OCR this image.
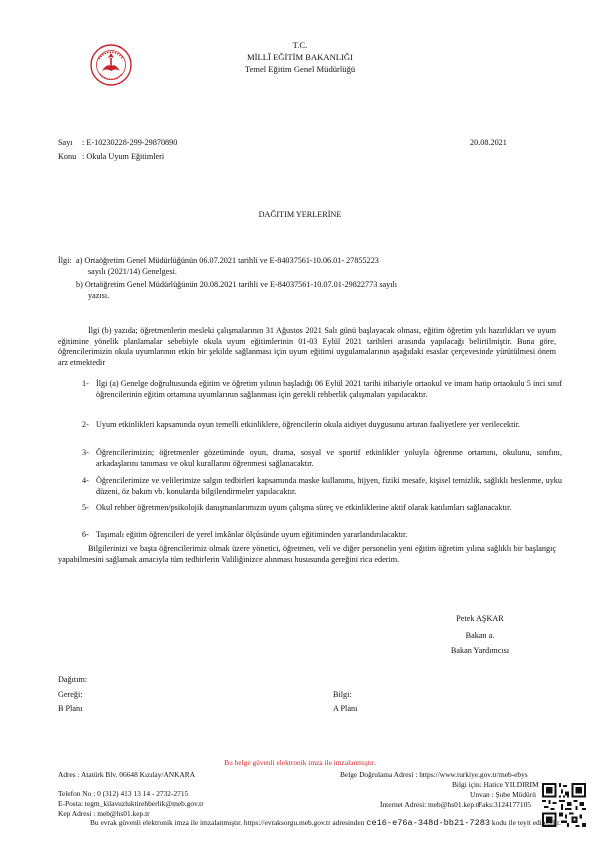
T.C.
MİLLÎ EĞİTİM BAKANLIĞI
Temel Eğitim Genel Müdürlüğü
Sayı : E-10230228-299-29870890	20.08.2021
Konu : Okula Uyum Eğitimleri
DAĞITIM YERLERİNE
İlgi: a) Ortaöğretim Genel Müdürlüğünün 06.07.2021 tarihli ve E-84037561-10.06.01- 27855223
sayılı (2021/14) Genelgesi.
b) Ortaöğretim Genel Müdürlüğünün 20.08.2021 tarihli ve E-84037561-10.07.01-29822773 sayılı
yazısı.
İlgi (b) yazıda; öğretmenlerin mesleki çalışmalarının 31 Ağustos 2021 Salı günü başlayacak olması, eğitim öğretim yılı hazırlıkları ve uyum eğitimine yönelik planlamalar sebebiyle okula uyum eğitimlerinin 01-03 Eylül 2021 tarihleri arasında yapılacağı belirtilmiştir. Buna göre, öğrencilerimizin okula uyumlarının etkin bir şekilde sağlanması için uyum eğitimi uygulamalarının aşağıdaki esaslar çerçevesinde yürütülmesi önem arz etmektedir
1- İlgi (a) Genelge doğrultusunda eğitim ve öğretim yılının başladığı 06 Eylül 2021 tarihi itibariyle ortaokul ve imam hatip ortaokulu 5 inci sınıf öğrencilerinin eğitim ortamına uyumlarının sağlanması için gerekli rehberlik çalışmaları yapılacaktır.
2- Uyum etkinlikleri kapsamında oyun temelli etkinliklere, öğrencilerin okula aidiyet duygusunu artıran faaliyetlere yer verilecektir.
3- Öğrencilerimizin; öğretmenler gözetiminde oyun, drama, sosyal ve sportif etkinlikler yoluyla öğrenme ortamını, okulunu, sınıfını, arkadaşlarını tanıması ve okul kurallarını öğrenmesi sağlanacaktır.
4- Öğrencilerimize ve velilerimize salgın tedbirleri kapsamında maske kullanımı, hijyen, fiziki mesafe, kişisel temizlik, sağlıklı beslenme, uyku düzeni, öz bakım vb. konularda bilgilendirmeler yapılacaktır.
5- Okul rehber öğretmen/psikolojik danışmanlarımızın uyum çalışma süreç ve etkinliklerine aktif olarak katılımları sağlanacaktır.
6- Taşımalı eğitim öğrencileri de yerel imkânlar ölçüsünde uyum eğitiminden yararlandırılacaktır.
Bilgilerinizi ve başta öğrencilerimiz olmak üzere yönetici, öğretmen, veli ve diğer personelin yeni eğitim öğretim yılına sağlıklı bir başlangıç yapabilmesini sağlamak amacıyla tüm tedbirlerin Valiliğinizce alınması hususunda gereğini rica ederim.
Petek AŞKAR
Bakan a.
Bakan Yardımcısı
Dağıtım:
Gereği:
B Planı
Bilgi:
A Planı
Bu belge güvenli elektronik imza ile imzalanmıştır.
Adres : Atatürk Blv. 06648 Kızılay/ANKARA	Belge Doğrulama Adresi : https://www.turkiye.gov.tr/meb-ebys
Bilgi için: Hatice YILDIRIM
Unvan : Şube Müdürü
Telefon No : 0 (312) 413 13 14 - 2732-2715
E-Posta: tegm_kilavuzluktirehberlik@meb.gov.tr
Kep Adresi : meb@hs01.kep.tr
İnternet Adresi: meb@hs01.kep.tr
Faks:3124177105
Bu evrak güvenli elektronik imza ile imzalanmıştır. https://evraksorgu.meb.gov.tr adresinden ce16-e76a-348d-bb21-7283 kodu ile teyit edilebilir.
